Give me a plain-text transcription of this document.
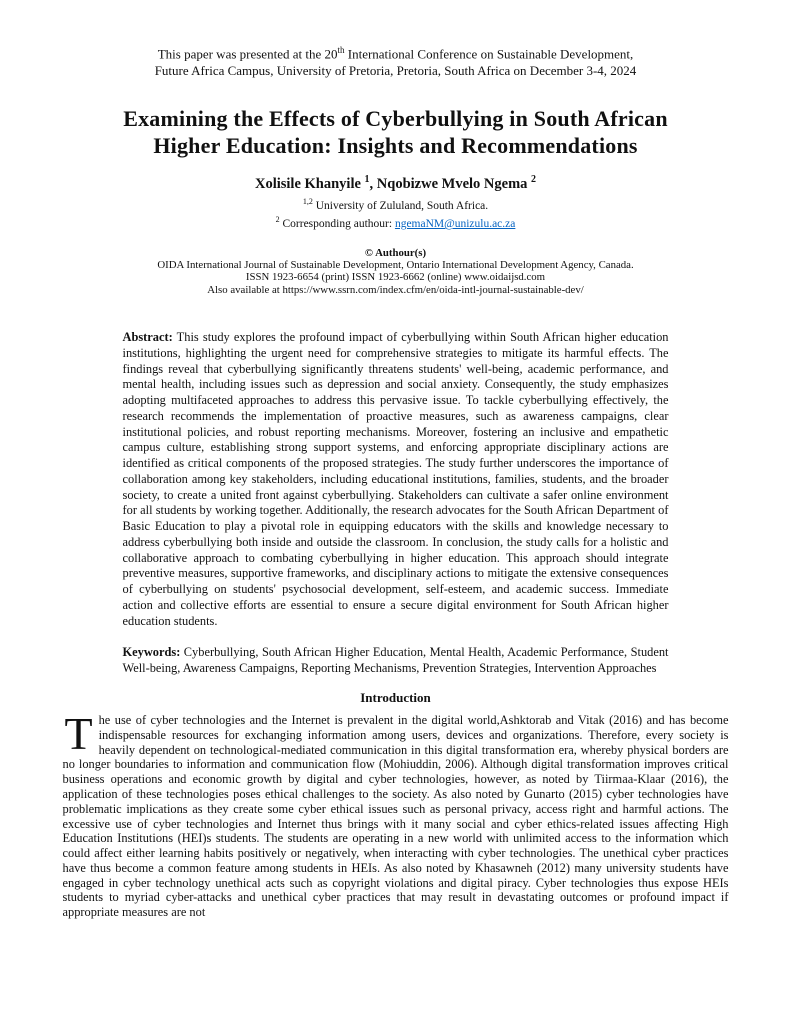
This paper was presented at the 20th International Conference on Sustainable Development,
Future Africa Campus, University of Pretoria, Pretoria, South Africa on December 3-4, 2024
Examining the Effects of Cyberbullying in South African
Higher Education: Insights and Recommendations
Xolisile Khanyile $^1$, Nqobizwe Mvelo Ngema $^2$
$^{1,2}$ University of Zululand, South Africa.
$^2$ Corresponding authour: ngemaNM@unizulu.ac.za
© Authour(s)
OIDA International Journal of Sustainable Development, Ontario International Development Agency, Canada.
ISSN 1923-6654 (print) ISSN 1923-6662 (online) www.oidaijsd.com
Also available at https://www.ssrn.com/index.cfm/en/oida-intl-journal-sustainable-dev/

Abstract: This study explores the profound impact of cyberbullying within South African higher education institutions, highlighting the urgent need for comprehensive strategies to mitigate its harmful effects. The findings reveal that cyberbullying significantly threatens students' well-being, academic performance, and mental health, including issues such as depression and social anxiety. Consequently, the study emphasizes adopting multifaceted approaches to address this pervasive issue. To tackle cyberbullying effectively, the research recommends the implementation of proactive measures, such as awareness campaigns, clear institutional policies, and robust reporting mechanisms. Moreover, fostering an inclusive and empathetic campus culture, establishing strong support systems, and enforcing appropriate disciplinary actions are identified as critical components of the proposed strategies. The study further underscores the importance of collaboration among key stakeholders, including educational institutions, families, students, and the broader society, to create a united front against cyberbullying. Stakeholders can cultivate a safer online environment for all students by working together. Additionally, the research advocates for the South African Department of Basic Education to play a pivotal role in equipping educators with the skills and knowledge necessary to address cyberbullying both inside and outside the classroom. In conclusion, the study calls for a holistic and collaborative approach to combating cyberbullying in higher education. This approach should integrate preventive measures, supportive frameworks, and disciplinary actions to mitigate the extensive consequences of cyberbullying on students' psychosocial development, self-esteem, and academic success. Immediate action and collective efforts are essential to ensure a secure digital environment for South African higher education students.

Keywords: Cyberbullying, South African Higher Education, Mental Health, Academic Performance, Student Well-being, Awareness Campaigns, Reporting Mechanisms, Prevention Strategies, Intervention Approaches

Introduction

The use of cyber technologies and the Internet is prevalent in the digital world,Ashktorab and Vitak (2016) and has become indispensable resources for exchanging information among users, devices and organizations. Therefore, every society is heavily dependent on technological-mediated communication in this digital transformation era, whereby physical borders are no longer boundaries to information and communication flow (Mohiuddin, 2006). Although digital transformation improves critical business operations and economic growth by digital and cyber technologies, however, as noted by Tiirmaa-Klaar (2016), the application of these technologies poses ethical challenges to the society. As also noted by Gunarto (2015) cyber technologies have problematic implications as they create some cyber ethical issues such as personal privacy, access right and harmful actions. The excessive use of cyber technologies and Internet thus brings with it many social and cyber ethics-related issues affecting High Education Institutions (HEI)s students. The students are operating in a new world with unlimited access to the information which could affect either learning habits positively or negatively, when interacting with cyber technologies. The unethical cyber practices have thus become a common feature among students in HEIs. As also noted by Khasawneh (2012) many university students have engaged in cyber technology unethical acts such as copyright violations and digital piracy. Cyber technologies thus expose HEIs students to myriad cyber-attacks and unethical cyber practices that may result in devastating outcomes or profound impact if appropriate measures are not
